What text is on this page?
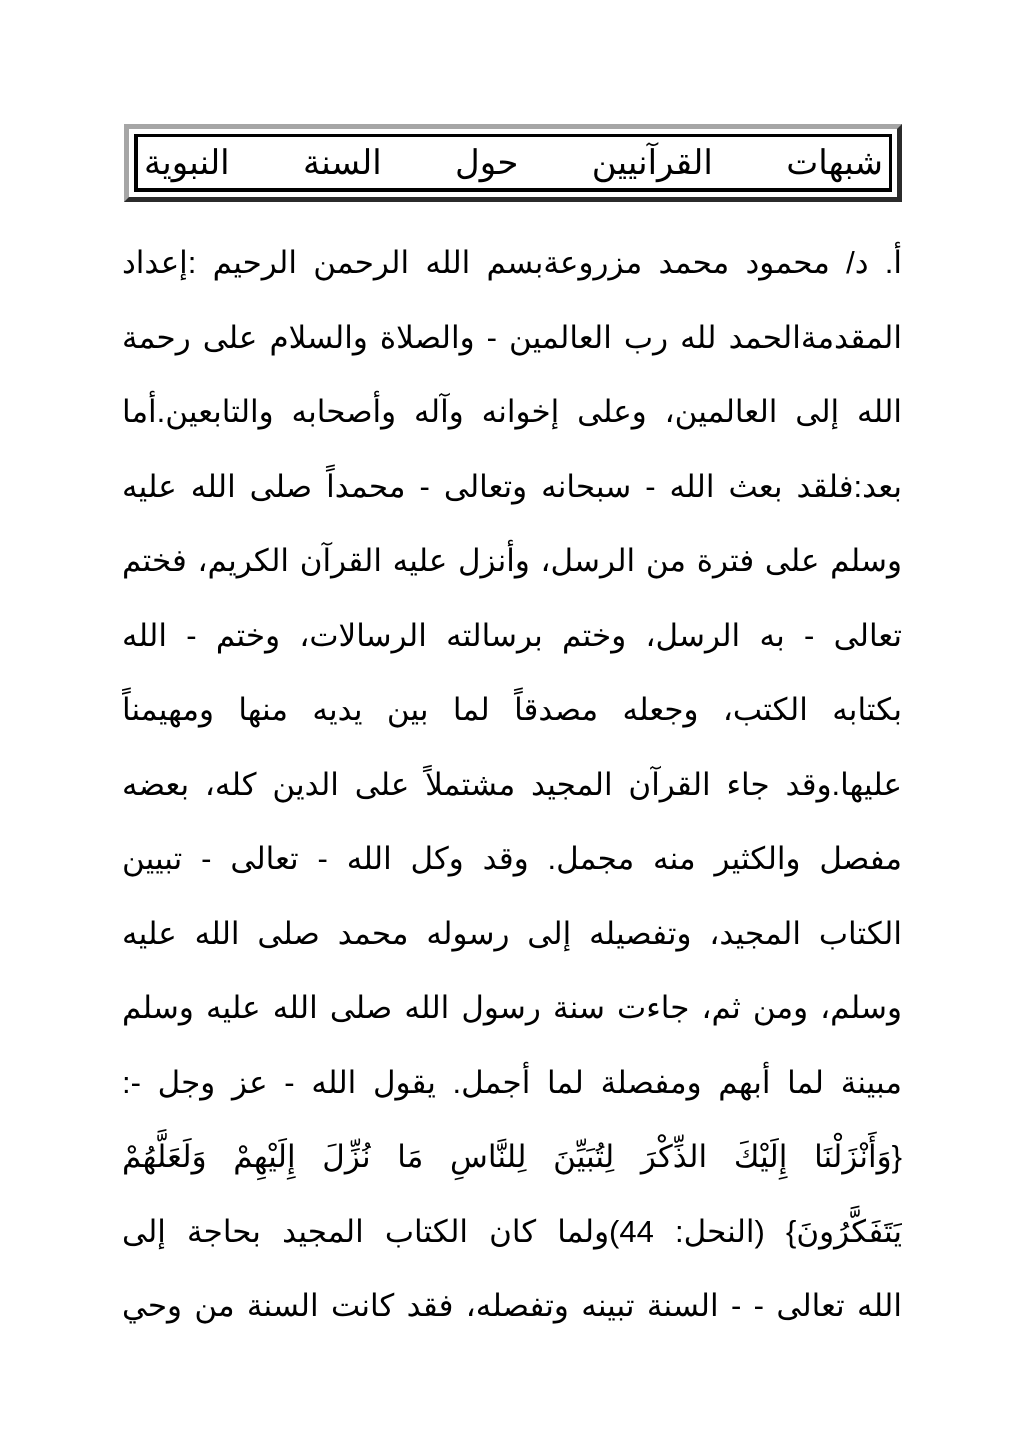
شبهات
القرآنيين
حول
السنة
النبوية
أ. د/ محمود محمد مزروعةبسم الله الرحمن الرحيم :إعداد
المقدمةالحمد لله رب العالمين - والصلاة والسلام على رحمة
الله إلى العالمين، وعلى إخوانه وآله وأصحابه والتابعين.أما
بعد:فلقد بعث الله - سبحانه وتعالى - محمداً صلى الله عليه
وسلم على فترة من الرسل، وأنزل عليه القرآن الكريم، فختم
تعالى - به الرسل، وختم برسالته الرسالات، وختم - الله
بكتابه الكتب، وجعله مصدقاً لما بين يديه منها ومهيمناً
عليها.وقد جاء القرآن المجيد مشتملاً على الدين كله، بعضه
مفصل والكثير منه مجمل. وقد وكل الله - تعالى - تبيين
الكتاب المجيد، وتفصيله إلى رسوله محمد صلى الله عليه
وسلم، ومن ثم، جاءت سنة رسول الله صلى الله عليه وسلم
مبينة لما أبهم ومفصلة لما أجمل. يقول الله - عز وجل -:
{وَأَنْزَلْنَا إِلَيْكَ الذِّكْرَ لِتُبَيِّنَ لِلنَّاسِ مَا نُزِّلَ إِلَيْهِمْ وَلَعَلَّهُمْ
يَتَفَكَّرُونَ} (النحل: 44)ولما كان الكتاب المجيد بحاجة إلى
الله تعالى - - السنة تبينه وتفصله، فقد كانت السنة من وحي
